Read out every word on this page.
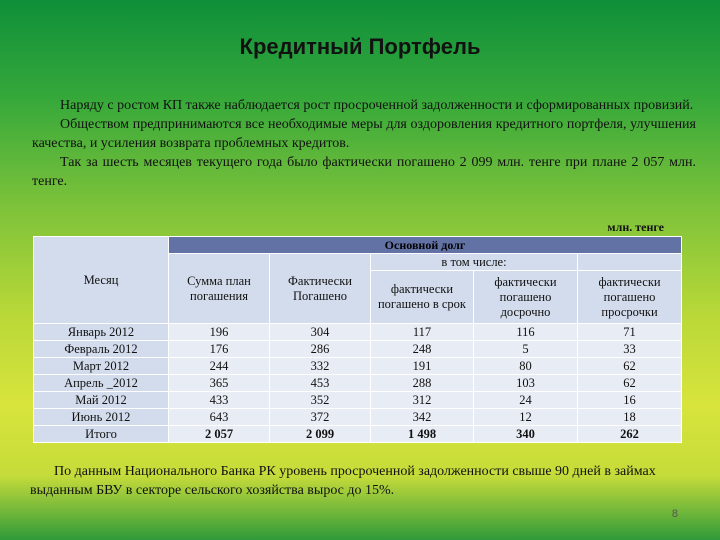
Кредитный Портфель

Наряду с ростом КП также наблюдается рост просроченной задолженности и сформированных провизий.

Обществом предпринимаются все необходимые меры для оздоровления кредитного портфеля, улучшения качества, и усиления возврата проблемных кредитов.

Так за шесть месяцев текущего года было фактически погашено 2 099 млн. тенге при плане 2 057 млн. тенге.

млн. тенге
Месяц	Основной долг				
	Сумма план погашения	Фактически Погашено	в том числе:		
			фактически погашено в срок	фактически погашено досрочно	фактически погашено просрочки
Январь 2012	196	304	117	116	71
Февраль 2012	176	286	248	5	33
Март 2012	244	332	191	80	62
Апрель _2012	365	453	288	103	62
Май 2012	433	352	312	24	16
Июнь 2012	643	372	342	12	18
Итого	2 057	2 099	1 498	340	262

По данным Национального Банка РК уровень просроченной задолженности свыше 90 дней в займах выданным БВУ в секторе сельского хозяйства вырос до 15%.

8
